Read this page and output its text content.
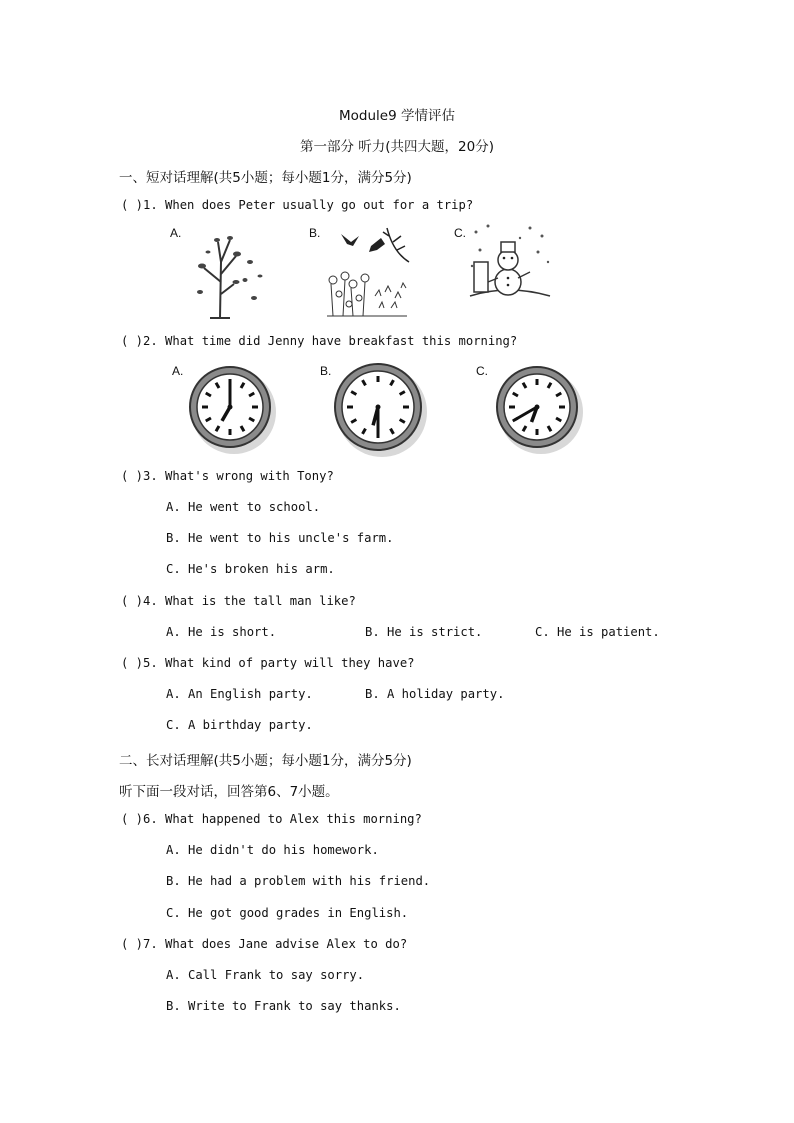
Module9 学情评估
第一部分 听力(共四大题，20分)
一、短对话理解(共5小题；每小题1分，满分5分)
( )1. When does Peter usually go out for a trip?
A.	B.	C.
( )2. What time did Jenny have breakfast this morning?
A.	B.	C.
( )3. What's wrong with Tony?
A. He went to school.
B. He went to his uncle's farm.
C. He's broken his arm.
( )4. What is the tall man like?
A. He is short.	B. He is strict.	C. He is patient.
( )5. What kind of party will they have?
A. An English party.	B. A holiday party.
C. A birthday party.
二、长对话理解(共5小题；每小题1分，满分5分)
听下面一段对话，回答第6、7小题。
( )6. What happened to Alex this morning?
A. He didn't do his homework.
B. He had a problem with his friend.
C. He got good grades in English.
( )7. What does Jane advise Alex to do?
A. Call Frank to say sorry.
B. Write to Frank to say thanks.
